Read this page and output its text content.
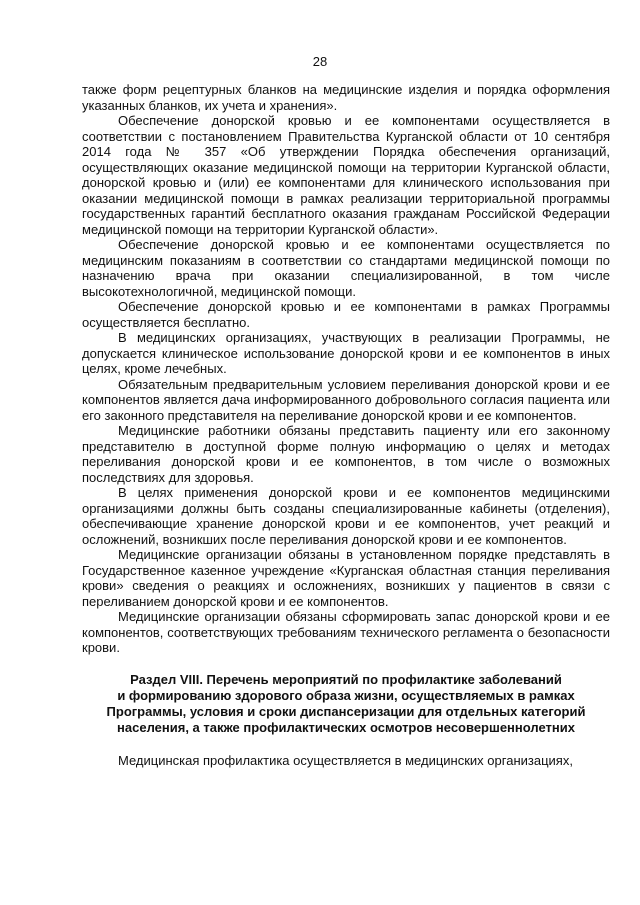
28

также форм рецептурных бланков на медицинские изделия и порядка оформления указанных бланков, их учета и хранения».

Обеспечение донорской кровью и ее компонентами осуществляется в соответствии с постановлением Правительства Курганской области от 10 сентября 2014 года № 357 «Об утверждении Порядка обеспечения организаций, осуществляющих оказание медицинской помощи на территории Курганской области, донорской кровью и (или) ее компонентами для клинического использования при оказании медицинской помощи в рамках реализации территориальной программы государственных гарантий бесплатного оказания гражданам Российской Федерации медицинской помощи на территории Курганской области».

Обеспечение донорской кровью и ее компонентами осуществляется по медицинским показаниям в соответствии со стандартами медицинской помощи по назначению врача при оказании специализированной, в том числе высокотехнологичной, медицинской помощи.

Обеспечение донорской кровью и ее компонентами в рамках Программы осуществляется бесплатно.

В медицинских организациях, участвующих в реализации Программы, не допускается клиническое использование донорской крови и ее компонентов в иных целях, кроме лечебных.

Обязательным предварительным условием переливания донорской крови и ее компонентов является дача информированного добровольного согласия пациента или его законного представителя на переливание донорской крови и ее компонентов.

Медицинские работники обязаны представить пациенту или его законному представителю в доступной форме полную информацию о целях и методах переливания донорской крови и ее компонентов, в том числе о возможных последствиях для здоровья.

В целях применения донорской крови и ее компонентов медицинскими организациями должны быть созданы специализированные кабинеты (отделения), обеспечивающие хранение донорской крови и ее компонентов, учет реакций и осложнений, возникших после переливания донорской крови и ее компонентов.

Медицинские организации обязаны в установленном порядке представлять в Государственное казенное учреждение «Курганская областная станция переливания крови» сведения о реакциях и осложнениях, возникших у пациентов в связи с переливанием донорской крови и ее компонентов.

Медицинские организации обязаны сформировать запас донорской крови и ее компонентов, соответствующих требованиям технического регламента о безопасности крови.

Раздел VIII. Перечень мероприятий по профилактике заболеваний
и формированию здорового образа жизни, осуществляемых в рамках
Программы, условия и сроки диспансеризации для отдельных категорий
населения, а также профилактических осмотров несовершеннолетних

Медицинская профилактика осуществляется в медицинских организациях,
